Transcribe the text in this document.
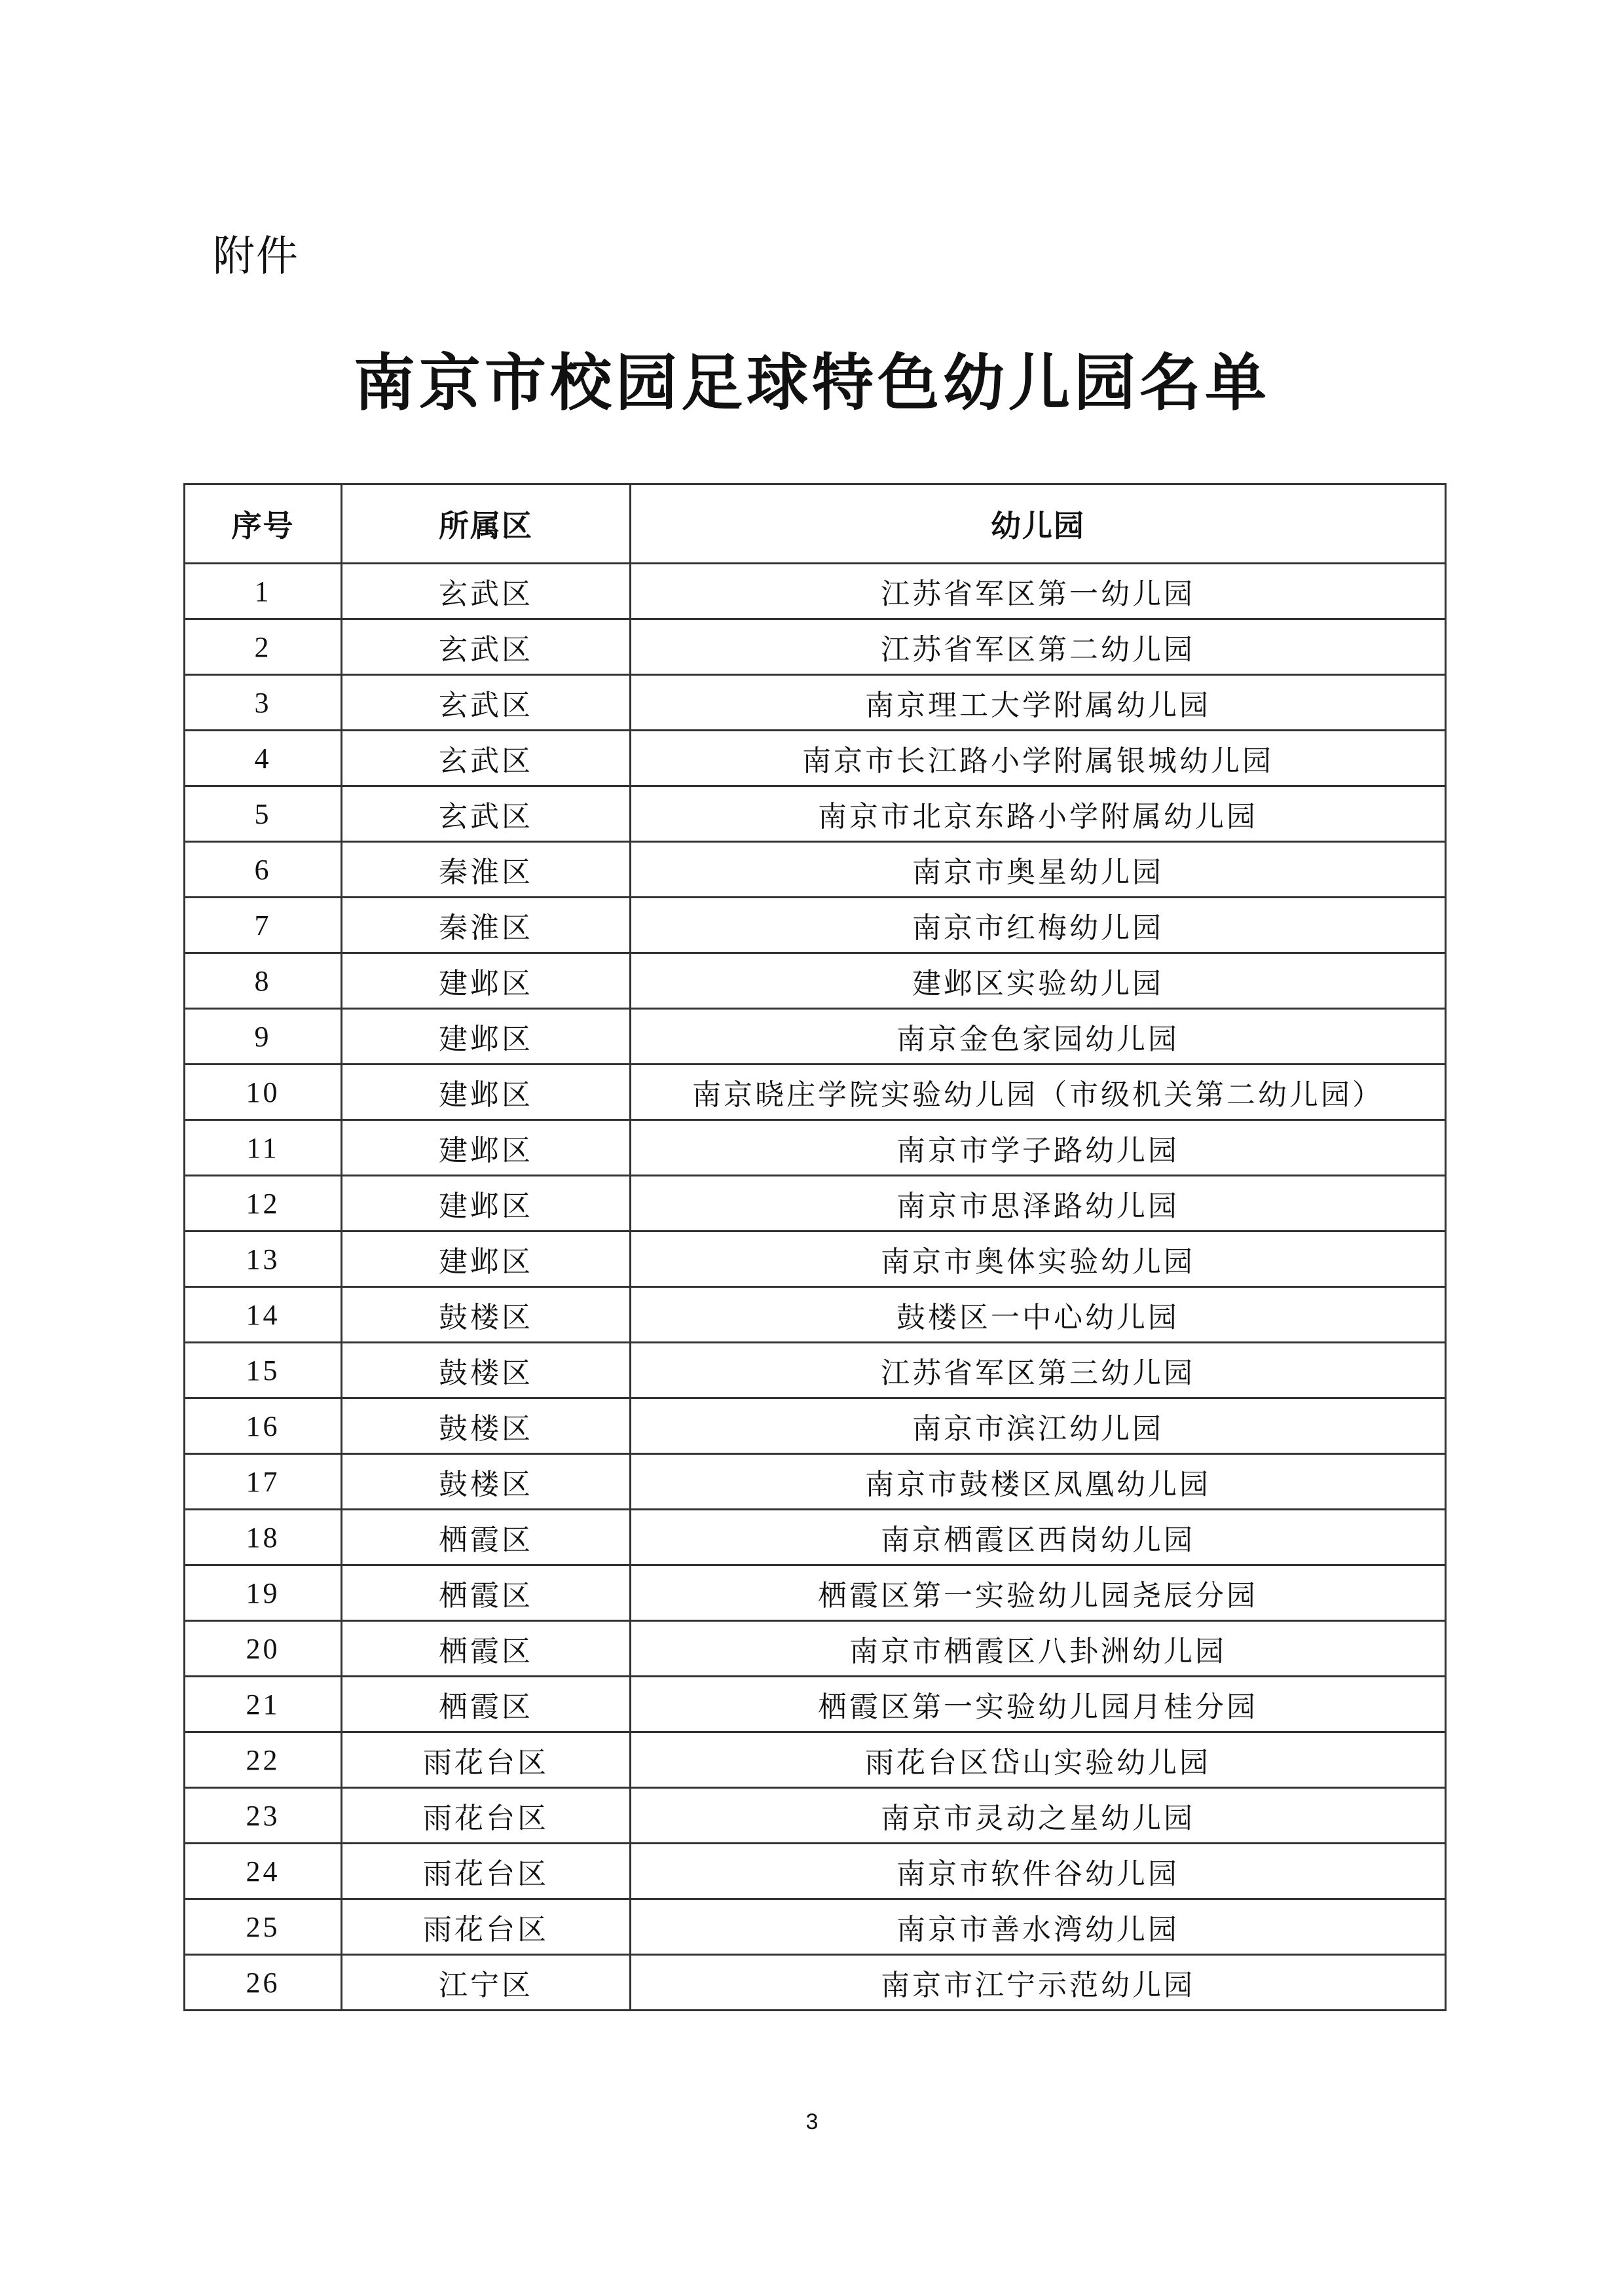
附件
南京市校园足球特色幼儿园名单
序号	所属区	幼儿园
1	玄武区	江苏省军区第一幼儿园
2	玄武区	江苏省军区第二幼儿园
3	玄武区	南京理工大学附属幼儿园
4	玄武区	南京市长江路小学附属银城幼儿园
5	玄武区	南京市北京东路小学附属幼儿园
6	秦淮区	南京市奥星幼儿园
7	秦淮区	南京市红梅幼儿园
8	建邺区	建邺区实验幼儿园
9	建邺区	南京金色家园幼儿园
10	建邺区	南京晓庄学院实验幼儿园（市级机关第二幼儿园）
11	建邺区	南京市学子路幼儿园
12	建邺区	南京市思泽路幼儿园
13	建邺区	南京市奥体实验幼儿园
14	鼓楼区	鼓楼区一中心幼儿园
15	鼓楼区	江苏省军区第三幼儿园
16	鼓楼区	南京市滨江幼儿园
17	鼓楼区	南京市鼓楼区凤凰幼儿园
18	栖霞区	南京栖霞区西岗幼儿园
19	栖霞区	栖霞区第一实验幼儿园尧辰分园
20	栖霞区	南京市栖霞区八卦洲幼儿园
21	栖霞区	栖霞区第一实验幼儿园月桂分园
22	雨花台区	雨花台区岱山实验幼儿园
23	雨花台区	南京市灵动之星幼儿园
24	雨花台区	南京市软件谷幼儿园
25	雨花台区	南京市善水湾幼儿园
26	江宁区	南京市江宁示范幼儿园
3
